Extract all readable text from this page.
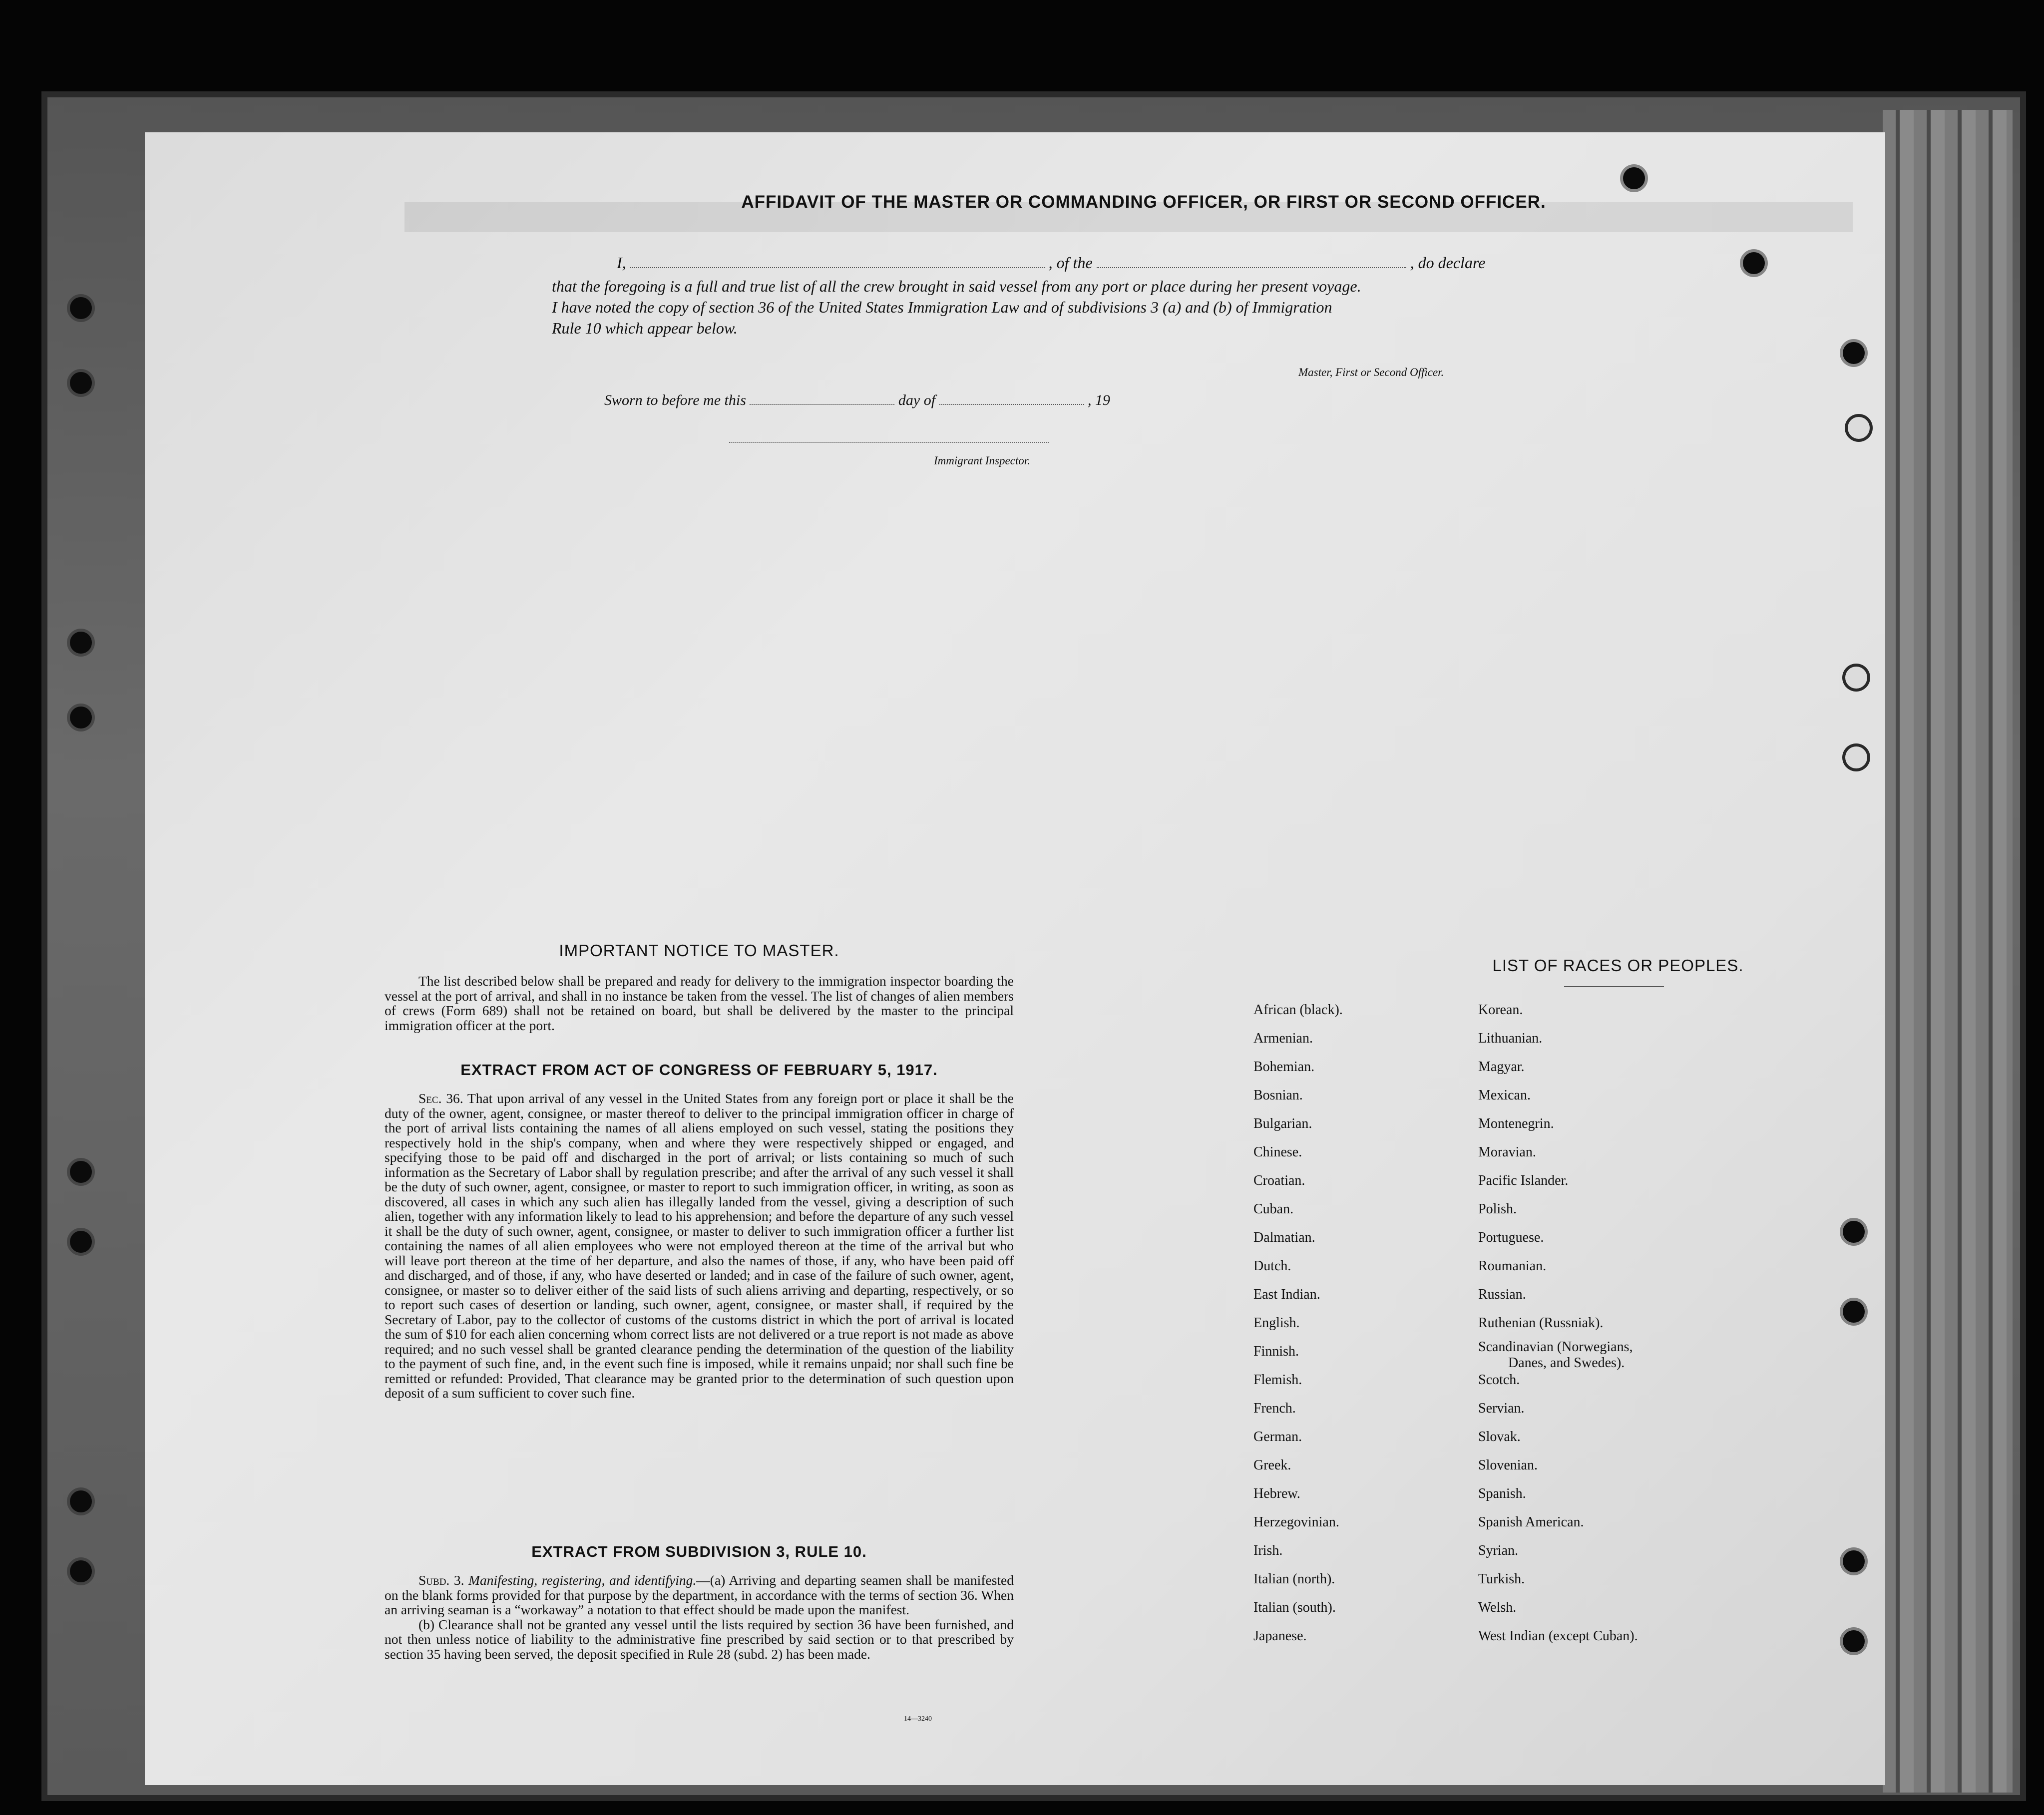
AFFIDAVIT OF THE MASTER OR COMMANDING OFFICER, OR FIRST OR SECOND OFFICER.
I,	, of the	, do declare
that the foregoing is a full and true list of all the crew brought in said vessel from any port or place during her present voyage.
I have noted the copy of section 36 of the United States Immigration Law and of subdivisions 3 (a) and (b) of Immigration
Rule 10 which appear below.
Master, First or Second Officer.
Sworn to before me this	day of	, 19
Immigrant Inspector.
IMPORTANT NOTICE TO MASTER.

The list described below shall be prepared and ready for delivery to the immigration inspector boarding the vessel at the port of arrival, and shall in no instance be taken from the vessel. The list of changes of alien members of crews (Form 689) shall not be retained on board, but shall be delivered by the master to the principal immigration officer at the port.

EXTRACT FROM ACT OF CONGRESS OF FEBRUARY 5, 1917.

Sec. 36. That upon arrival of any vessel in the United States from any foreign port or place it shall be the duty of the owner, agent, consignee, or master thereof to deliver to the principal immigration officer in charge of the port of arrival lists containing the names of all aliens employed on such vessel, stating the positions they respectively hold in the ship's company, when and where they were respectively shipped or engaged, and specifying those to be paid off and discharged in the port of arrival; or lists containing so much of such information as the Secretary of Labor shall by regulation prescribe; and after the arrival of any such vessel it shall be the duty of such owner, agent, consignee, or master to report to such immigration officer, in writing, as soon as discovered, all cases in which any such alien has illegally landed from the vessel, giving a description of such alien, together with any information likely to lead to his apprehension; and before the departure of any such vessel it shall be the duty of such owner, agent, consignee, or master to deliver to such immigration officer a further list containing the names of all alien employees who were not employed thereon at the time of the arrival but who will leave port thereon at the time of her departure, and also the names of those, if any, who have been paid off and discharged, and of those, if any, who have deserted or landed; and in case of the failure of such owner, agent, consignee, or master so to deliver either of the said lists of such aliens arriving and departing, respectively, or so to report such cases of desertion or landing, such owner, agent, consignee, or master shall, if required by the Secretary of Labor, pay to the collector of customs of the customs district in which the port of arrival is located the sum of $10 for each alien concerning whom correct lists are not delivered or a true report is not made as above required; and no such vessel shall be granted clearance pending the determination of the question of the liability to the payment of such fine, and, in the event such fine is imposed, while it remains unpaid; nor shall such fine be remitted or refunded: Provided, That clearance may be granted prior to the determination of such question upon deposit of a sum sufficient to cover such fine.

EXTRACT FROM SUBDIVISION 3, RULE 10.

Subd. 3. Manifesting, registering, and identifying.—(a) Arriving and departing seamen shall be manifested on the blank forms provided for that purpose by the department, in accordance with the terms of section 36. When an arriving seaman is a “workaway” a notation to that effect should be made upon the manifest.

(b) Clearance shall not be granted any vessel until the lists required by section 36 have been furnished, and not then unless notice of liability to the administrative fine prescribed by said section or to that prescribed by section 35 having been served, the deposit specified in Rule 28 (subd. 2) has been made.

14—3240
LIST OF RACES OR PEOPLES.
African (black).
Armenian.
Bohemian.
Bosnian.
Bulgarian.
Chinese.
Croatian.
Cuban.
Dalmatian.
Dutch.
East Indian.
English.
Finnish.
Flemish.
French.
German.
Greek.
Hebrew.
Herzegovinian.
Irish.
Italian (north).
Italian (south).
Japanese.
Korean.
Lithuanian.
Magyar.
Mexican.
Montenegrin.
Moravian.
Pacific Islander.
Polish.
Portuguese.
Roumanian.
Russian.
Ruthenian (Russniak).
Scandinavian (Norwegians,
Danes, and Swedes).
Scotch.
Servian.
Slovak.
Slovenian.
Spanish.
Spanish American.
Syrian.
Turkish.
Welsh.
West Indian (except Cuban).
